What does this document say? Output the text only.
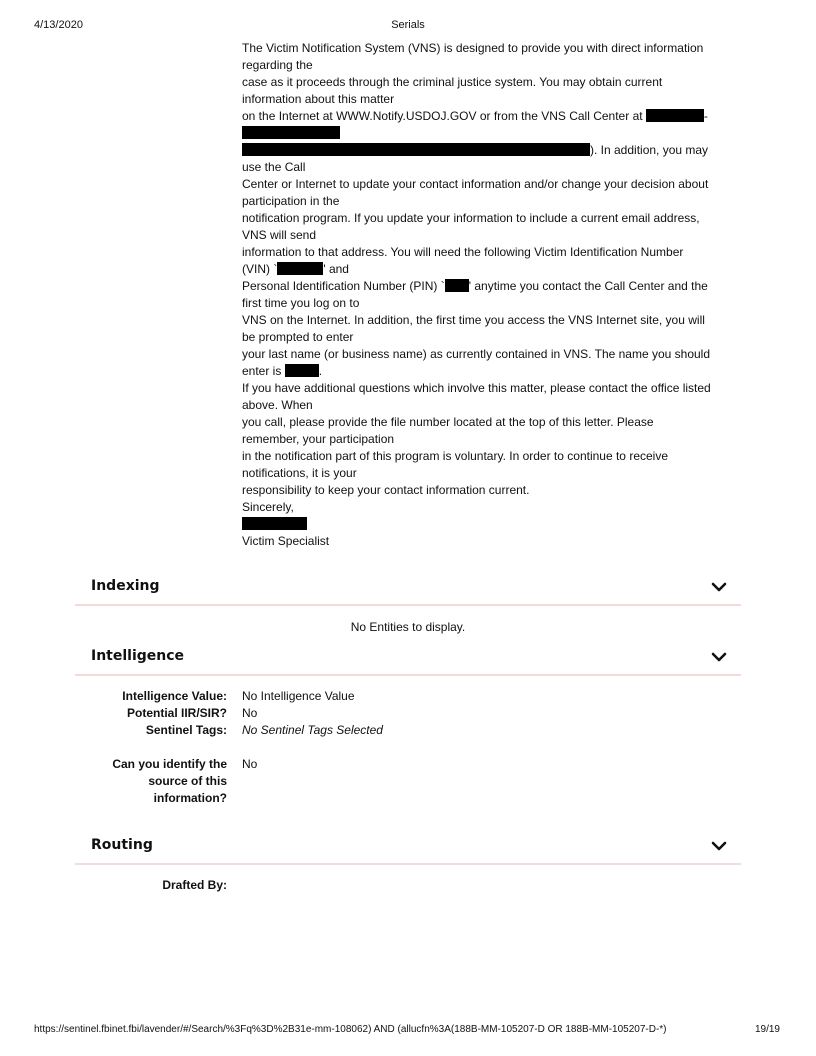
4/13/2020	Serials
The Victim Notification System (VNS) is designed to provide you with direct information
regarding the
case as it proceeds through the criminal justice system. You may obtain current
information about this matter
on the Internet at WWW.Notify.USDOJ.GOV or from the VNS Call Center at	-
). In addition, you may
use the Call
Center or Internet to update your contact information and/or change your decision about
participation in the
notification program. If you update your information to include a current email address,
VNS will send
information to that address. You will need the following Victim Identification Number
(VIN) `	' and
Personal Identification Number (PIN) ` ' anytime you contact the Call Center and the
first time you log on to
VNS on the Internet. In addition, the first time you access the VNS Internet site, you will
be prompted to enter
your last name (or business name) as currently contained in VNS. The name you should
enter is	.
If you have additional questions which involve this matter, please contact the office listed
above. When
you call, please provide the file number located at the top of this letter. Please
remember, your participation
in the notification part of this program is voluntary. In order to continue to receive
notifications, it is your
responsibility to keep your contact information current.
Sincerely,
Victim Specialist
Indexing
No Entities to display.
Intelligence
Intelligence Value: No Intelligence Value
Potential IIR/SIR? No
Sentinel Tags: No Sentinel Tags Selected
Can you identify the
source of this
information?
No
Routing
Drafted By:
https://sentinel.fbinet.fbi/lavender/#/Search/%3Fq%3D%2B31e-mm-108062) AND (allucfn%3A(188B-MM-105207-D OR 188B-MM-105207-D-*)	19/19
